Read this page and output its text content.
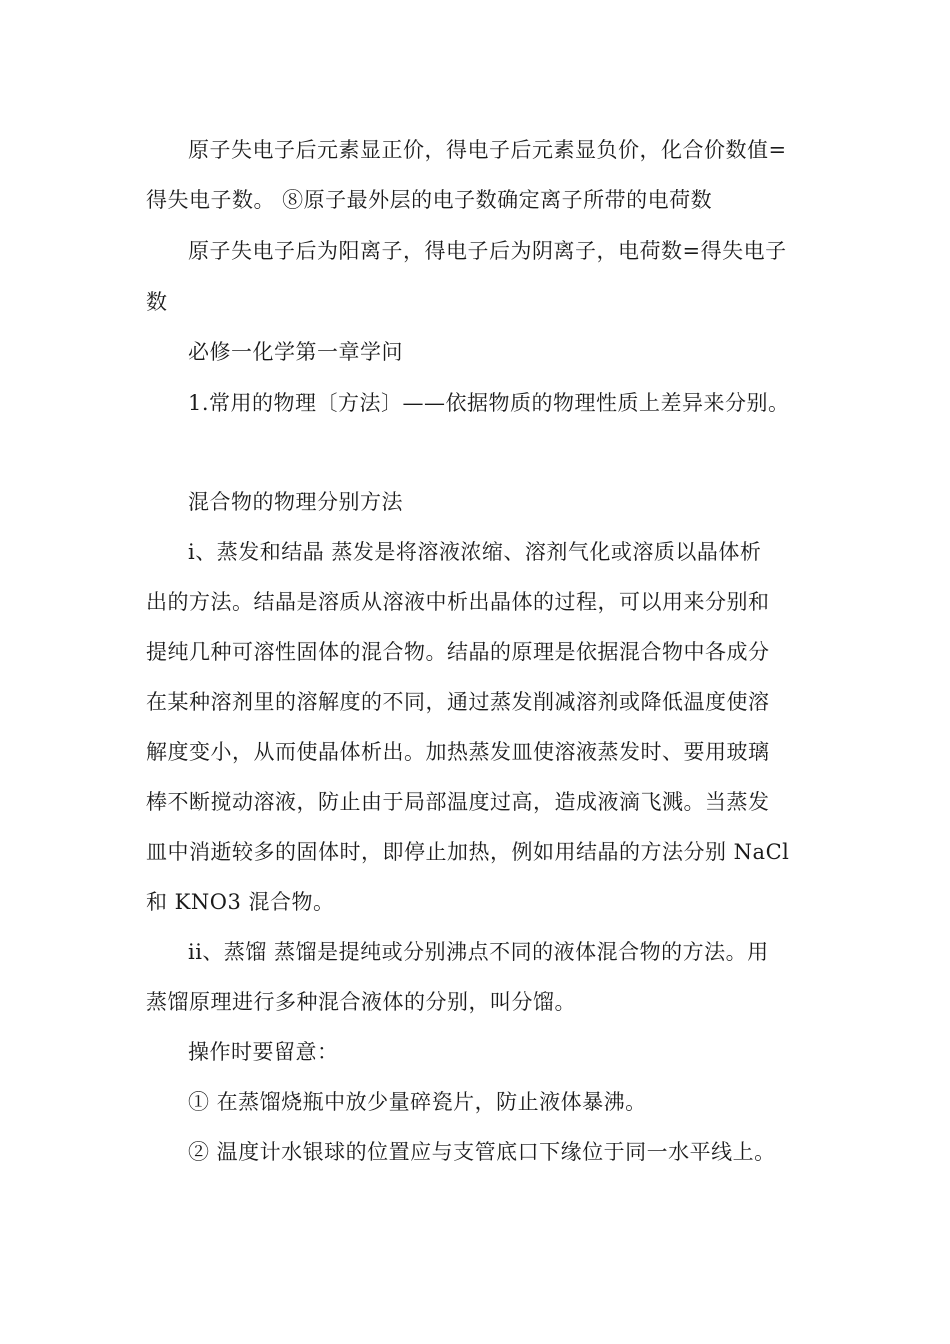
原子失电子后元素显正价，得电子后元素显负价，化合价数值=
得失电子数。 ⑧原子最外层的电子数确定离子所带的电荷数
原子失电子后为阳离子，得电子后为阴离子，电荷数=得失电子
数
必修一化学第一章学问
1.常用的物理〔方法〕——依据物质的物理性质上差异来分别。
混合物的物理分别方法
i、蒸发和结晶 蒸发是将溶液浓缩、溶剂气化或溶质以晶体析
出的方法。结晶是溶质从溶液中析出晶体的过程，可以用来分别和
提纯几种可溶性固体的混合物。结晶的原理是依据混合物中各成分
在某种溶剂里的溶解度的不同，通过蒸发削减溶剂或降低温度使溶
解度变小，从而使晶体析出。加热蒸发皿使溶液蒸发时、要用玻璃
棒不断搅动溶液，防止由于局部温度过高，造成液滴飞溅。当蒸发
皿中消逝较多的固体时，即停止加热，例如用结晶的方法分别 NaCl
和 KNO3 混合物。
ii、蒸馏 蒸馏是提纯或分别沸点不同的液体混合物的方法。用
蒸馏原理进行多种混合液体的分别，叫分馏。
操作时要留意：
① 在蒸馏烧瓶中放少量碎瓷片，防止液体暴沸。
② 温度计水银球的位置应与支管底口下缘位于同一水平线上。
